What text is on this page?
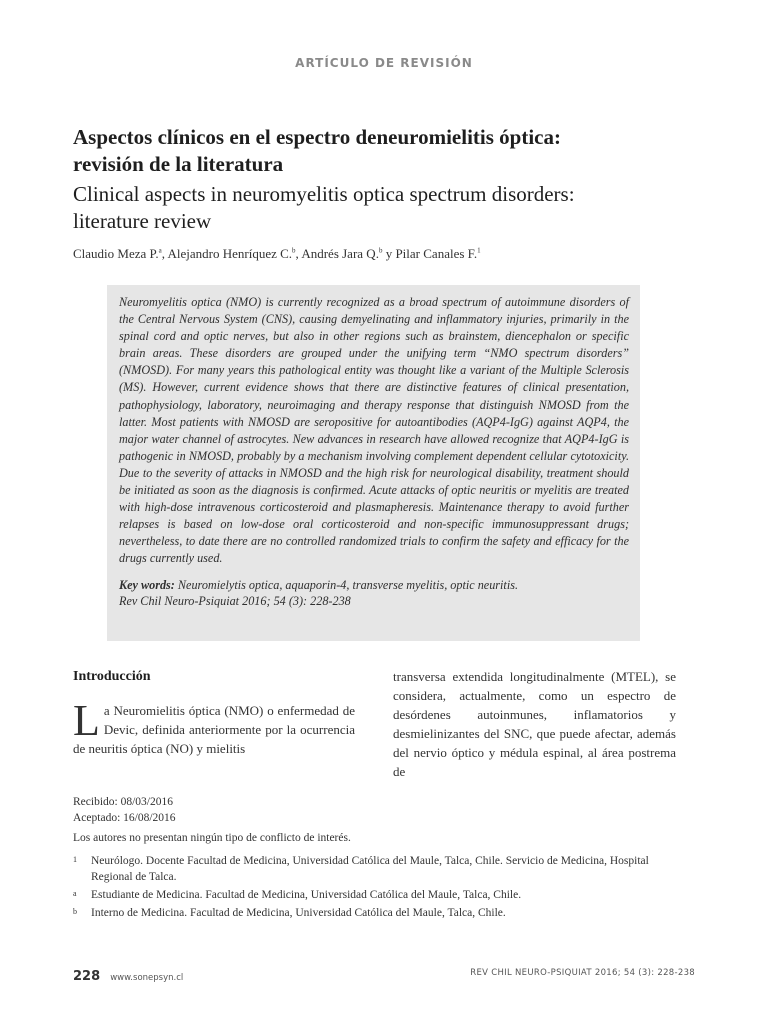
ARTÍCULO DE REVISIÓN
Aspectos clínicos en el espectro deneuromielitis óptica:
revisión de la literatura
Clinical aspects in neuromyelitis optica spectrum disorders:
literature review
Claudio Meza P.$^a$, Alejandro Henríquez C.$^b$, Andrés Jara Q.$^b$ y Pilar Canales F.$^1$

Neuromyelitis optica (NMO) is currently recognized as a broad spectrum of autoimmune disorders of the Central Nervous System (CNS), causing demyelinating and inflammatory injuries, primarily in the spinal cord and optic nerves, but also in other regions such as brainstem, diencephalon or specific brain areas. These disorders are grouped under the unifying term “NMO spectrum disorders” (NMOSD). For many years this pathological entity was thought like a variant of the Multiple Sclerosis (MS). However, current evidence shows that there are distinctive features of clinical presentation, pathophysiology, laboratory, neuroimaging and therapy response that distinguish NMOSD from the latter. Most patients with NMOSD are seropositive for autoantibodies (AQP4-IgG) against AQP4, the major water channel of astrocytes. New advances in research have allowed recognize that AQP4-IgG is pathogenic in NMOSD, probably by a mechanism involving complement dependent cellular cytotoxicity. Due to the severity of attacks in NMOSD and the high risk for neurological disability, treatment should be initiated as soon as the diagnosis is confirmed. Acute attacks of optic neuritis or myelitis are treated with high-dose intravenous corticosteroid and plasmapheresis. Maintenance therapy to avoid further relapses is based on low-dose oral corticosteroid and non-specific immunosuppressant drugs; nevertheless, to date there are no controlled randomized trials to confirm the safety and efficacy for the drugs currently used.

Key words: Neuromielytis optica, aquaporin-4, transverse myelitis, optic neuritis.
Rev Chil Neuro-Psiquiat 2016; 54 (3): 228-238
Introducción

La Neuromielitis óptica (NMO) o enfermedad de Devic, definida anteriormente por la ocurrencia de neuritis óptica (NO) y mielitis

transversa extendida longitudinalmente (MTEL), se considera, actualmente, como un espectro de desórdenes autoinmunes, inflamatorios y desmielinizantes del SNC, que puede afectar, además del nervio óptico y médula espinal, al área postrema de
Recibido: 08/03/2016
Aceptado: 16/08/2016
Los autores no presentan ningún tipo de conflicto de interés.
1	Neurólogo. Docente Facultad de Medicina, Universidad Católica del Maule, Talca, Chile. Servicio de Medicina, Hospital Regional de Talca.
a	Estudiante de Medicina. Facultad de Medicina, Universidad Católica del Maule, Talca, Chile.
b	Interno de Medicina. Facultad de Medicina, Universidad Católica del Maule, Talca, Chile.
228 www.sonepsyn.cl	REV CHIL NEURO-PSIQUIAT 2016; 54 (3): 228-238
